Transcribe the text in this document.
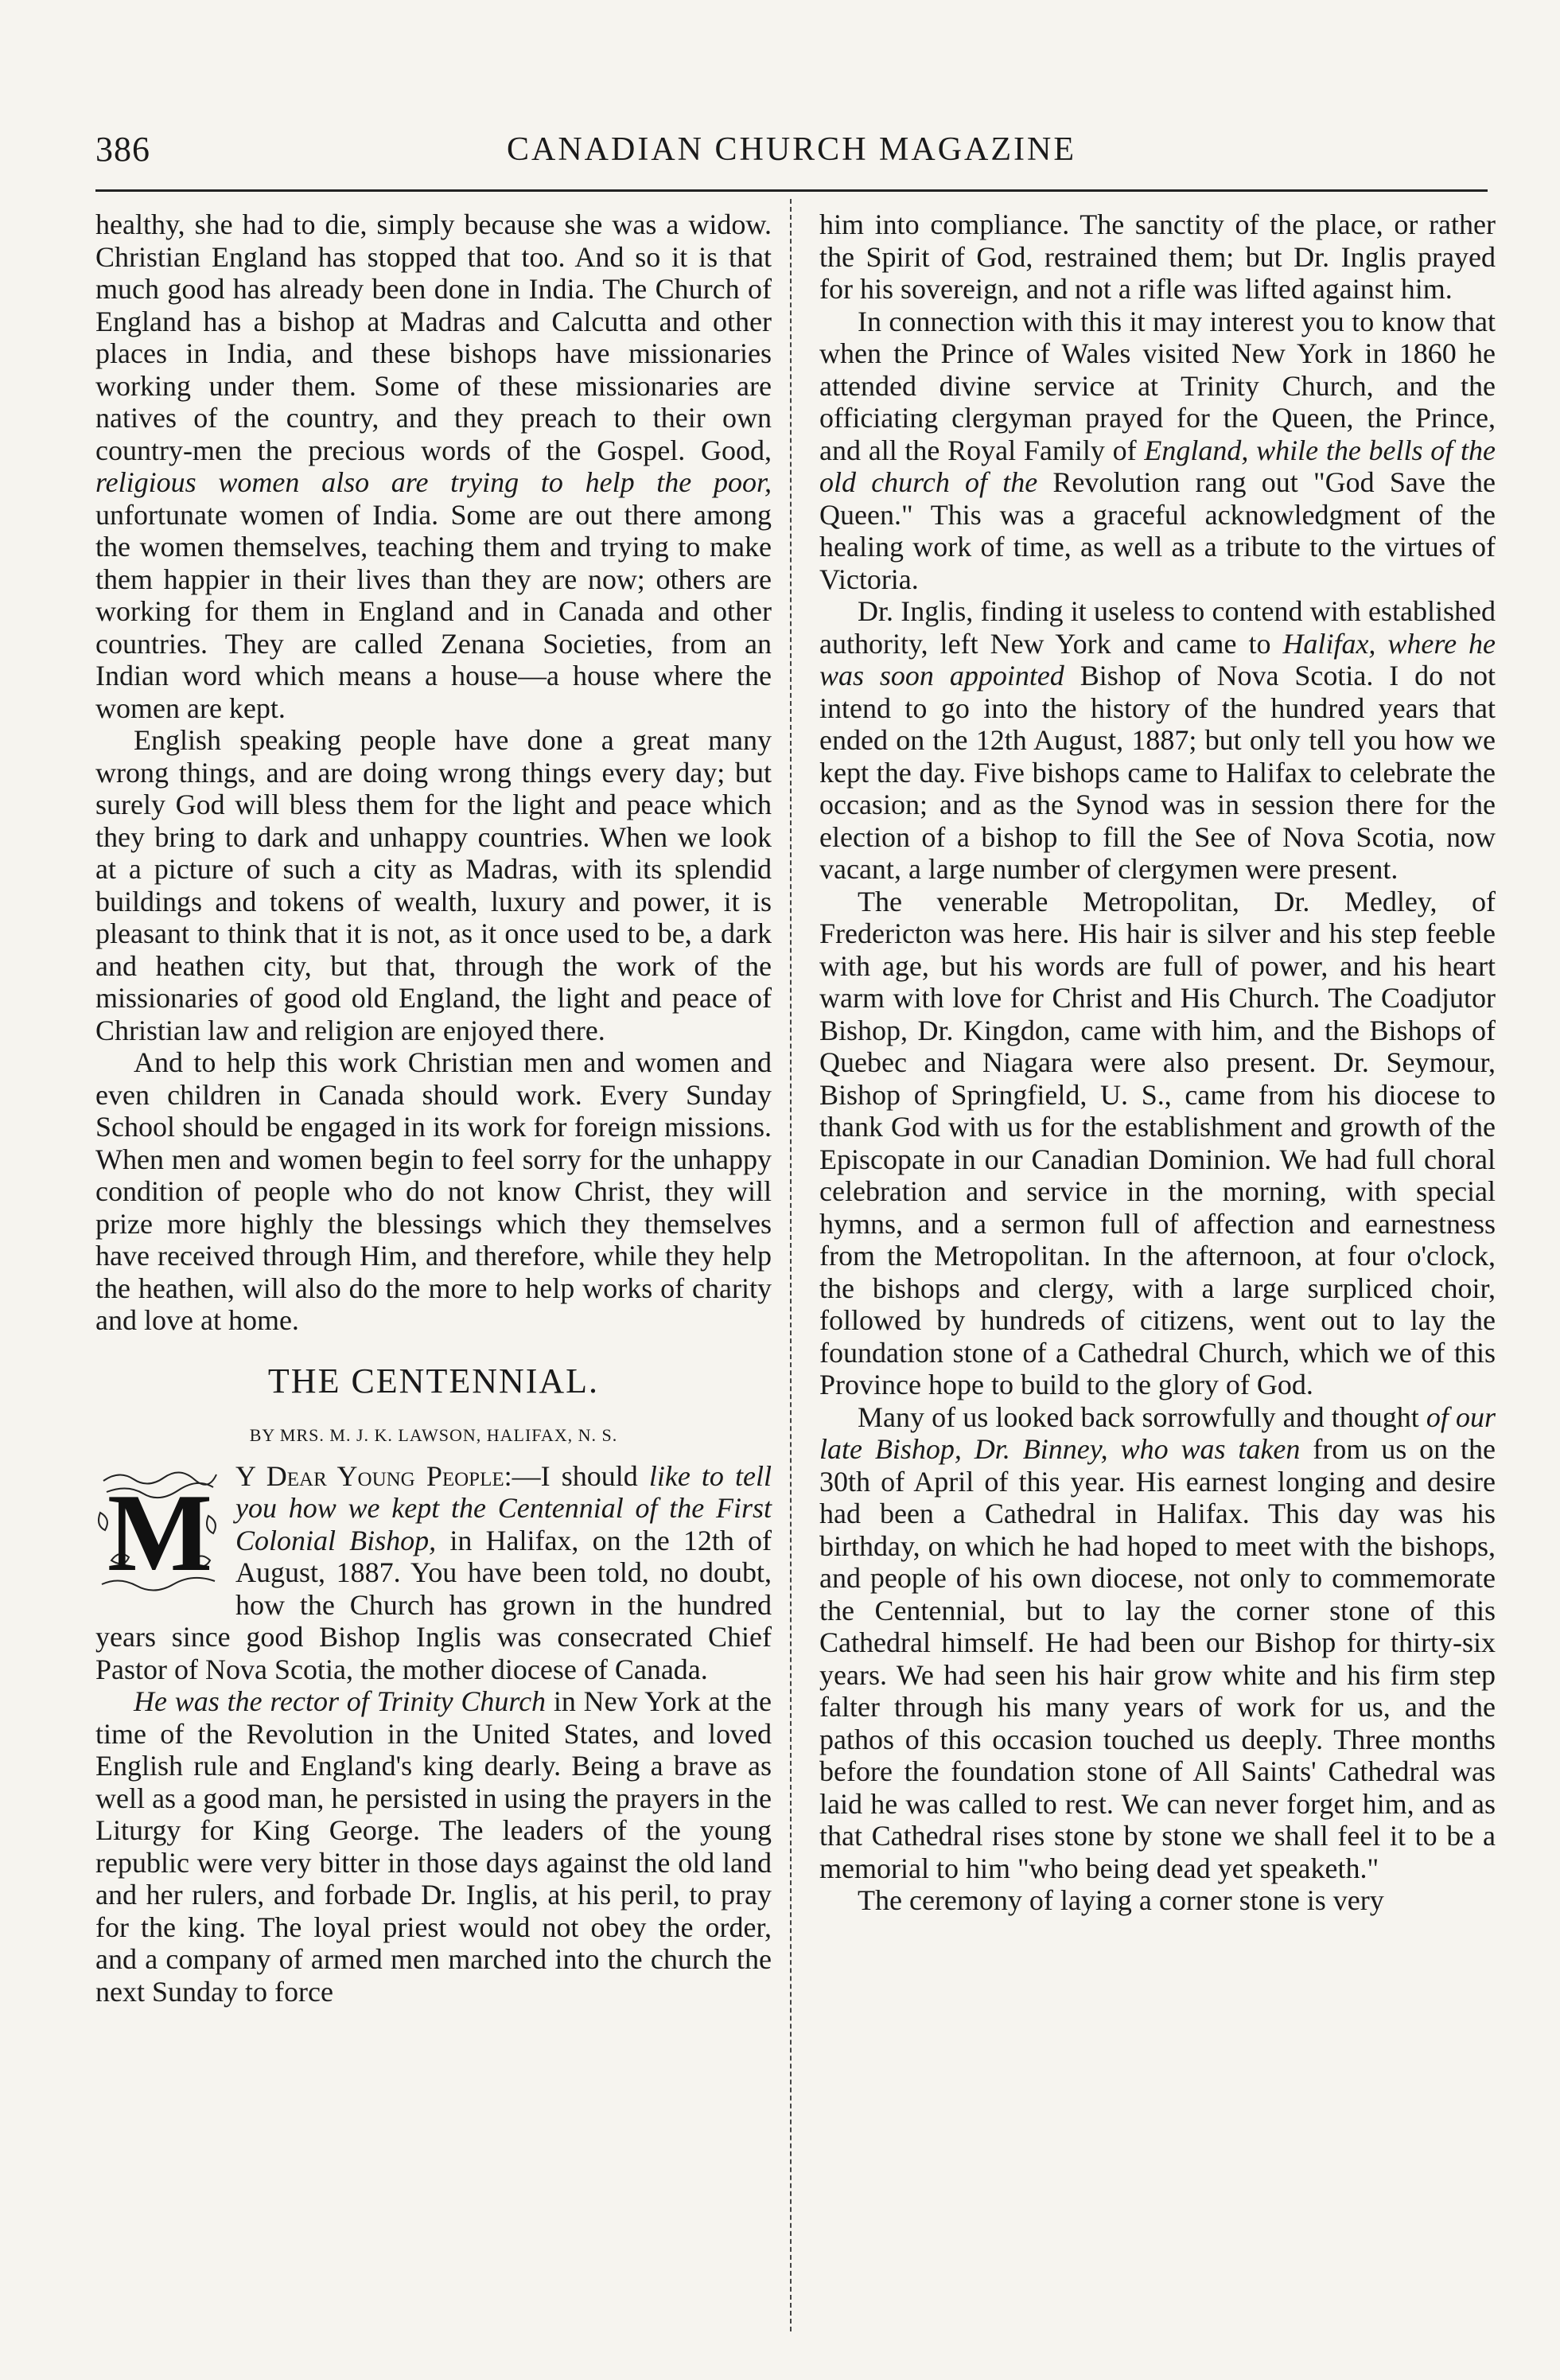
386	CANADIAN CHURCH MAGAZINE

healthy, she had to die, simply because she was a widow. Christian England has stopped that too. And so it is that much good has already been done in India. The Church of England has a bishop at Madras and Calcutta and other places in India, and these bishops have missionaries working under them. Some of these missionaries are natives of the country, and they preach to their own country-men the precious words of the Gospel. Good, religious women also are trying to help the poor, unfortunate women of India. Some are out there among the women themselves, teaching them and trying to make them happier in their lives than they are now; others are working for them in England and in Canada and other countries. They are called Zenana Societies, from an Indian word which means a house—a house where the women are kept.

English speaking people have done a great many wrong things, and are doing wrong things every day; but surely God will bless them for the light and peace which they bring to dark and unhappy countries. When we look at a picture of such a city as Madras, with its splendid buildings and tokens of wealth, luxury and power, it is pleasant to think that it is not, as it once used to be, a dark and heathen city, but that, through the work of the missionaries of good old England, the light and peace of Christian law and religion are enjoyed there.

And to help this work Christian men and women and even children in Canada should work. Every Sunday School should be engaged in its work for foreign missions. When men and women begin to feel sorry for the unhappy condition of people who do not know Christ, they will prize more highly the blessings which they themselves have received through Him, and therefore, while they help the heathen, will also do the more to help works of charity and love at home.

THE CENTENNIAL.
BY MRS. M. J. K. LAWSON, HALIFAX, N. S.

M Y Dear Young People:—I should like to tell you how we kept the Centennial of the First Colonial Bishop, in Halifax, on the 12th of August, 1887. You have been told, no doubt, how the Church has grown in the hundred years since good Bishop Inglis was consecrated Chief Pastor of Nova Scotia, the mother diocese of Canada.

He was the rector of Trinity Church in New York at the time of the Revolution in the United States, and loved English rule and England's king dearly. Being a brave as well as a good man, he persisted in using the prayers in the Liturgy for King George. The leaders of the young republic were very bitter in those days against the old land and her rulers, and forbade Dr. Inglis, at his peril, to pray for the king. The loyal priest would not obey the order, and a company of armed men marched into the church the next Sunday to force

him into compliance. The sanctity of the place, or rather the Spirit of God, restrained them; but Dr. Inglis prayed for his sovereign, and not a rifle was lifted against him.

In connection with this it may interest you to know that when the Prince of Wales visited New York in 1860 he attended divine service at Trinity Church, and the officiating clergyman prayed for the Queen, the Prince, and all the Royal Family of England, while the bells of the old church of the Revolution rang out "God Save the Queen." This was a graceful acknowledgment of the healing work of time, as well as a tribute to the virtues of Victoria.

Dr. Inglis, finding it useless to contend with established authority, left New York and came to Halifax, where he was soon appointed Bishop of Nova Scotia. I do not intend to go into the history of the hundred years that ended on the 12th August, 1887; but only tell you how we kept the day. Five bishops came to Halifax to celebrate the occasion; and as the Synod was in session there for the election of a bishop to fill the See of Nova Scotia, now vacant, a large number of clergymen were present.

The venerable Metropolitan, Dr. Medley, of Fredericton was here. His hair is silver and his step feeble with age, but his words are full of power, and his heart warm with love for Christ and His Church. The Coadjutor Bishop, Dr. Kingdon, came with him, and the Bishops of Quebec and Niagara were also present. Dr. Seymour, Bishop of Springfield, U. S., came from his diocese to thank God with us for the establishment and growth of the Episcopate in our Canadian Dominion. We had full choral celebration and service in the morning, with special hymns, and a sermon full of affection and earnestness from the Metropolitan. In the afternoon, at four o'clock, the bishops and clergy, with a large surpliced choir, followed by hundreds of citizens, went out to lay the foundation stone of a Cathedral Church, which we of this Province hope to build to the glory of God.

Many of us looked back sorrowfully and thought of our late Bishop, Dr. Binney, who was taken from us on the 30th of April of this year. His earnest longing and desire had been a Cathedral in Halifax. This day was his birthday, on which he had hoped to meet with the bishops, and people of his own diocese, not only to commemorate the Centennial, but to lay the corner stone of this Cathedral himself. He had been our Bishop for thirty-six years. We had seen his hair grow white and his firm step falter through his many years of work for us, and the pathos of this occasion touched us deeply. Three months before the foundation stone of All Saints' Cathedral was laid he was called to rest. We can never forget him, and as that Cathedral rises stone by stone we shall feel it to be a memorial to him "who being dead yet speaketh."

The ceremony of laying a corner stone is very
